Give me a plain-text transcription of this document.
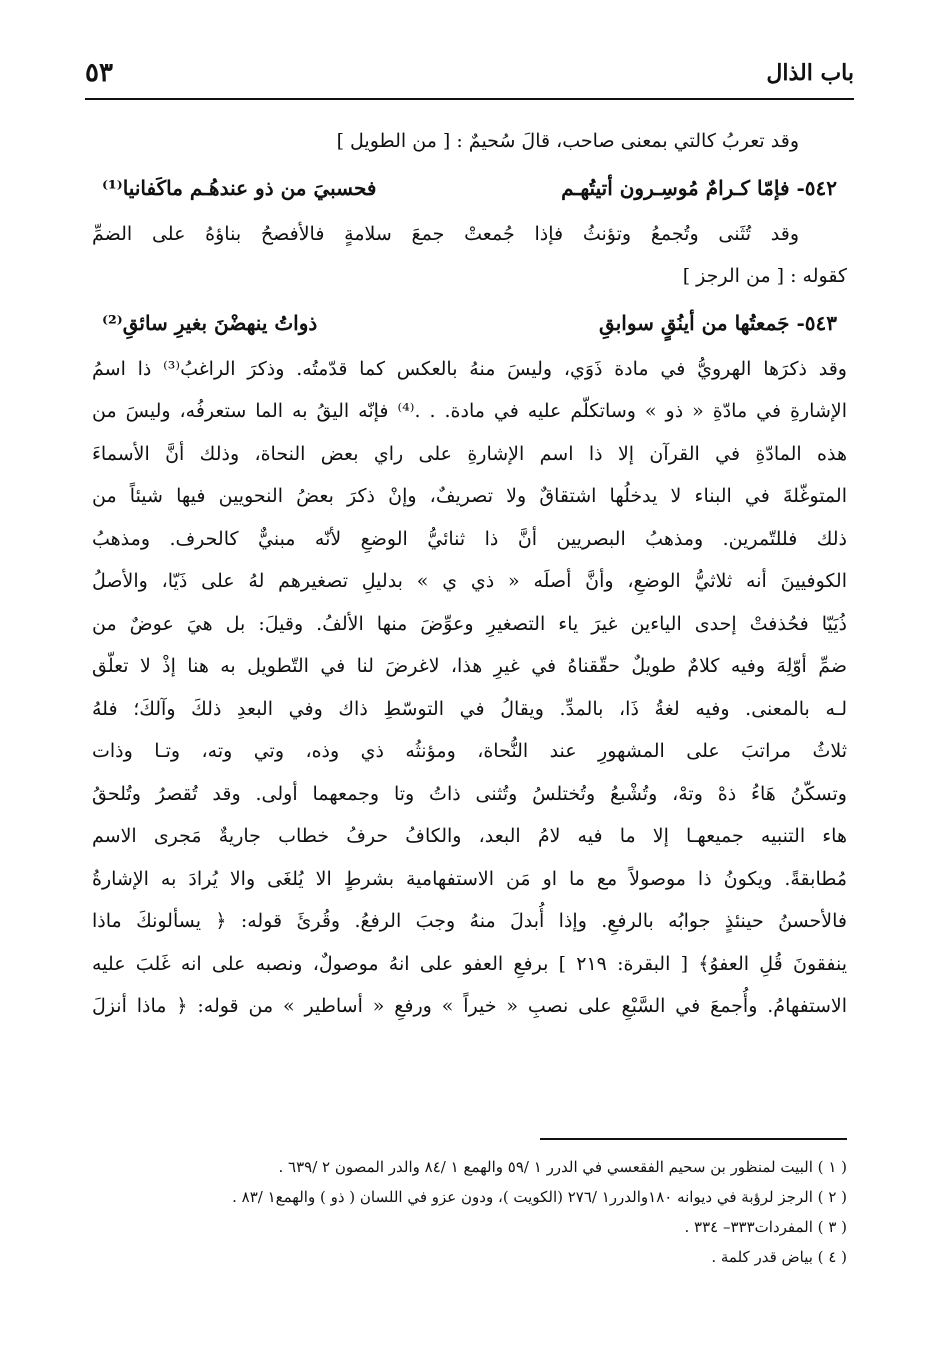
باب الذال
٥٣
وقد تعربُ كالتي بمعنى صاحب، قالَ سُحيمٌ : [ من الطويل ]
٥٤٢- فإمّا كـرامٌ مُوسِـرون أتيتُهـم
فحسبيَ من ذو عندهُـم ماكَفانيا⁽¹⁾
وقد تُثَنى وتُجمعُ وتؤنثُ فإذا جُمعتْ جمعَ سلامةٍ فالأفصحُ بناؤهُ على الضمِّ
كقوله : [ من الرجز ]
٥٤٣- جَمعتُها من أينُقٍ سوابقِ
ذواتُ ينهضْنَ بغيرِ سائقِ⁽²⁾
وقد ذكرَها الهرويُّ في مادة ذَوَي، وليسَ منهُ بالعكس كما قدّمتُه. وذكرَ الراغبُ⁽³⁾ ذا اسمُ
الإشارةِ في مادّةِ « ذو » وساتكلّم عليه في مادة. . .⁽⁴⁾ فإنّه اليقُ به الما ستعرفُه، وليسَ من
هذه المادّةِ في القرآن إلا ذا اسم الإشارةِ على راي بعض النحاة، وذلك أنَّ الأسماءَ
المتوغّلةَ في البناء لا يدخلُها اشتقاقٌ ولا تصريفٌ، وإنْ ذكرَ بعضُ النحويين فيها شيئاً من
ذلك فللتّمرين. ومذهبُ البصريين أنَّ ذا ثنائيُّ الوضعِ لأنّه مبنيٌّ كالحرف. ومذهبُ
الكوفيينَ أنه ثلاثيُّ الوضعِ، وأنَّ أصلَه « ذي ي » بدليلِ تصغيرهم لهُ على ذَيّا، والأصلُ
ذُيَيّا فحُذفتْ إحدى الياءين غيرَ ياء التصغيرِ وعوِّضَ منها الألفُ. وقيلَ: بل هيَ عوضٌ من
ضمِّ أوّلِهَ وفيه كلامٌ طويلٌ حقّقناهُ في غيرِ هذا، لاغرضَ لنا في التّطويل به هنا إذْ لا تعلّق
لـه بالمعنى. وفيه لغةُ ذَا، بالمدِّ. ويقالُ في التوسّطِ ذاك وفي البعدِ ذلكَ وآلكَ؛ فلهُ
ثلاثُ مراتبَ على المشهورِ عند النُّحاة، ومؤنثُه ذي وذه، وتي وته، وتـا وذات
وتسكّنُ هَاءُ ذهْ وتهْ، وتُشْبعُ وتُختلسُ وتُثنى ذاتُ وتا وجمعهما أولى. وقد تُقصرُ وتُلحقُ
هاء التنبيه جميعهـا إلا ما فيه لامُ البعد، والكافُ حرفُ خطاب جاريةٌ مَجرى الاسم
مُطابقةً. ويكونُ ذا موصولاً مع ما او مَن الاستفهامية بشرطٍ الا يُلغَى والا يُرادَ به الإشارةُ
فالأحسنُ حينئذٍ جوابُه بالرفعِ. وإذا أُبدلَ منهُ وجبَ الرفعُ. وقُرئَ قوله: ﴿ يسألونكَ ماذا
ينفقونَ قُلِ العفوُ﴾ [ البقرة: ٢١٩ ] برفعِ العفو على انهُ موصولٌ، ونصبه على انه غَلبَ عليه
الاستفهامُ. وأُجمعَ في السَّبْعِ على نصبِ « خيراً » ورفعِ « أساطير » من قوله: ﴿ ماذا أنزلَ
( ١ ) البيت لمنظور بن سحيم الفقعسي في الدرر ١ /٥٩ والهمع ١ /٨٤ والدر المصون ٢ /٦٣٩ .
( ٢ ) الرجز لرؤبة في ديوانه ١٨٠والدرر١ /٢٧٦ (الكويت )، ودون عزو في اللسان ( ذو ) والهمع١ /٨٣ .
( ٣ ) المفردات٣٣٣– ٣٣٤ .
( ٤ ) بياض قدر كلمة .
